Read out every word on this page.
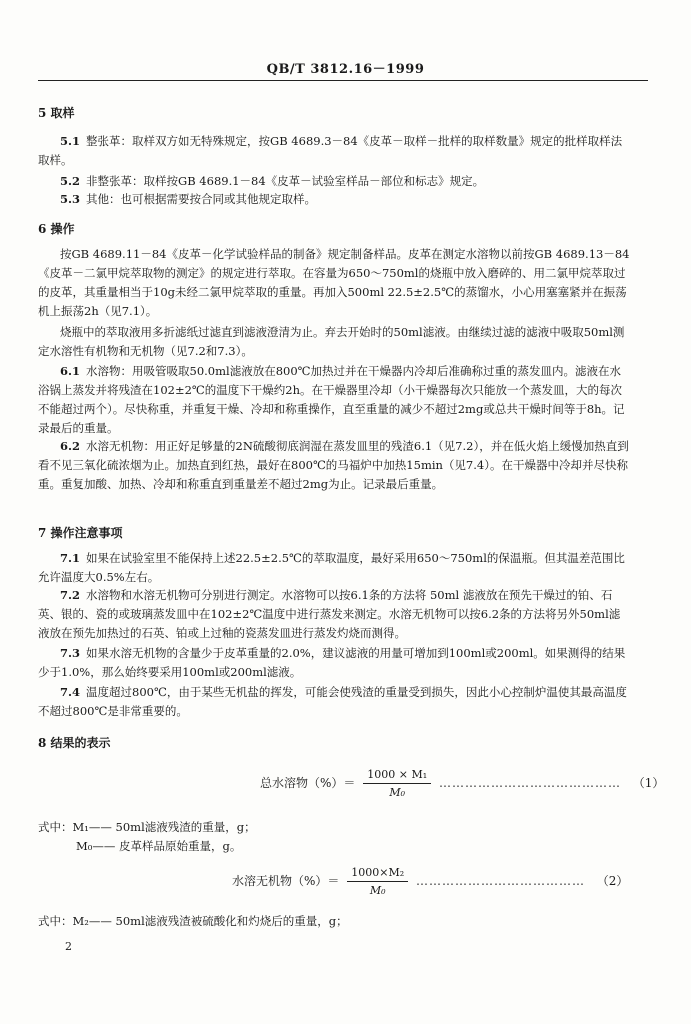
QB/T 3812.16－1999
5 取样
5.1 整张革：取样双方如无特殊规定，按GB 4689.3－84《皮革－取样－批样的取样数量》规定的批样取样法取样。
5.2 非整张革：取样按GB 4689.1－84《皮革－试验室样品－部位和标志》规定。
5.3 其他：也可根据需要按合同或其他规定取样。
6 操作
按GB 4689.11－84《皮革－化学试验样品的制备》规定制备样品。皮革在测定水溶物以前按GB 4689.13－84《皮革－二氯甲烷萃取物的测定》的规定进行萃取。在容量为650～750ml的烧瓶中放入磨碎的、用二氯甲烷萃取过的皮革，其重量相当于10g未经二氯甲烷萃取的重量。再加入500ml 22.5±2.5℃的蒸馏水，小心用塞塞紧并在振荡机上振荡2h（见7.1）。
烧瓶中的萃取液用多折滤纸过滤直到滤液澄清为止。弃去开始时的50ml滤液。由继续过滤的滤液中吸取50ml测定水溶性有机物和无机物（见7.2和7.3）。
6.1 水溶物：用吸管吸取50.0ml滤液放在800℃加热过并在干燥器内冷却后准确称过重的蒸发皿内。滤液在水浴锅上蒸发并将残渣在102±2℃的温度下干燥约2h。在干燥器里冷却（小干燥器每次只能放一个蒸发皿，大的每次不能超过两个）。尽快称重，并重复干燥、冷却和称重操作，直至重量的减少不超过2mg或总共干燥时间等于8h。记录最后的重量。
6.2 水溶无机物：用正好足够量的2N硫酸彻底润湿在蒸发皿里的残渣6.1（见7.2），并在低火焰上缓慢加热直到看不见三氧化硫浓烟为止。加热直到红热，最好在800℃的马福炉中加热15min（见7.4）。在干燥器中冷却并尽快称重。重复加酸、加热、冷却和称重直到重量差不超过2mg为止。记录最后重量。
7 操作注意事项
7.1 如果在试验室里不能保持上述22.5±2.5℃的萃取温度，最好采用650～750ml的保温瓶。但其温差范围比允许温度大0.5%左右。
7.2 水溶物和水溶无机物可分别进行测定。水溶物可以按6.1条的方法将 50ml 滤液放在预先干燥过的铂、石英、银的、瓷的或玻璃蒸发皿中在102±2℃温度中进行蒸发来测定。水溶无机物可以按6.2条的方法将另外50ml滤液放在预先加热过的石英、铂或上过釉的瓷蒸发皿进行蒸发灼烧而测得。
7.3 如果水溶无机物的含量少于皮革重量的2.0%，建议滤液的用量可增加到100ml或200ml。如果测得的结果少于1.0%，那么始终要采用100ml或200ml滤液。
7.4 温度超过800℃，由于某些无机盐的挥发，可能会使残渣的重量受到损失，因此小心控制炉温使其最高温度不超过800℃是非常重要的。
8 结果的表示
总水溶物（%）＝ $\frac{\text{1000 × M₁}}{\text{M₀}}$ …………………………………… （1）
式中：M₁—— 50ml滤液残渣的重量，g；
M₀—— 皮革样品原始重量，g。
水溶无机物（%）＝ $\frac{\text{1000×M₂}}{\text{M₀}}$ ………………………………… （2）
式中：M₂—— 50ml滤液残渣被硫酸化和灼烧后的重量，g；
2
